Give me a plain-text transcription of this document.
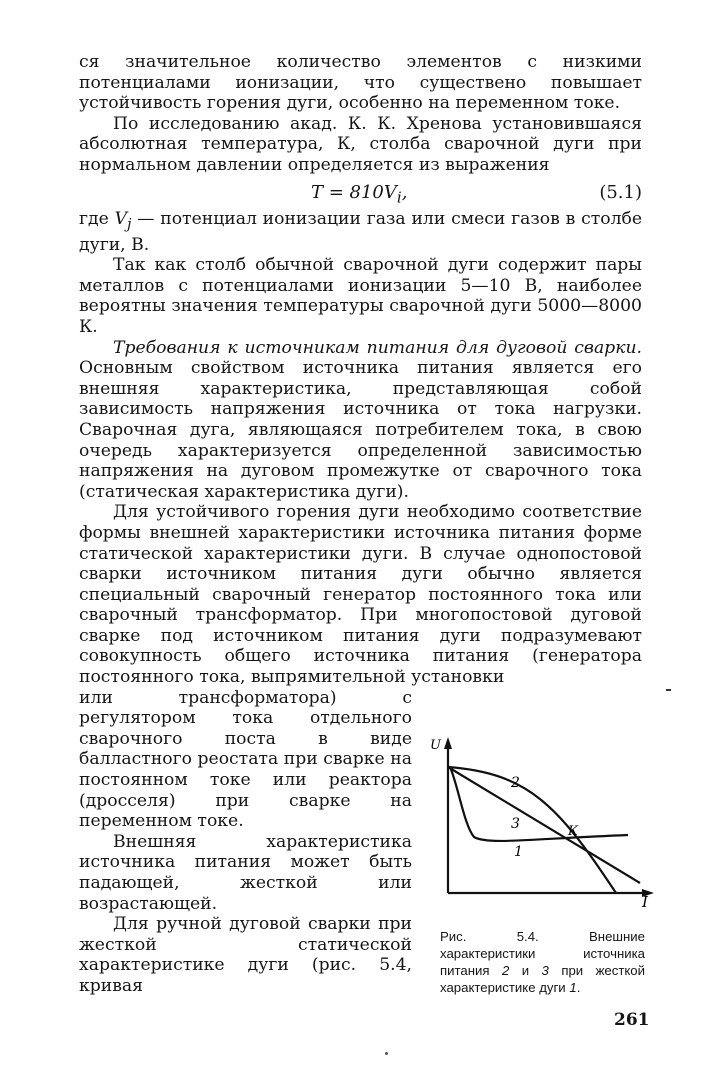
ся значительное количество элементов с низкими потенциалами ионизации, что существено повышает устойчивость горения дуги, особенно на переменном токе.

По исследованию акад. К. К. Хренова установившаяся абсолютная температура, К, столба сварочной дуги при нормальном давлении определяется из выражения

$T = 810V_i$,	(5.1)

где $V_j$ — потенциал ионизации газа или смеси газов в столбе дуги, В.

Так как столб обычной сварочной дуги содержит пары металлов с потенциалами ионизации 5—10 В, наиболее вероятны значения температуры сварочной дуги 5000—8000 К.

Требования к источникам питания для дуговой сварки. Основным свойством источника питания является его внешняя характеристика, представляющая собой зависимость напряжения источника от тока нагрузки. Сварочная дуга, являющаяся потребителем тока, в свою очередь характеризуется определенной зависимостью напряжения на дуговом промежутке от сварочного тока (статическая характеристика дуги).

Для устойчивого горения дуги необходимо соответствие формы внешней характеристики источника питания форме статической характеристики дуги. В случае однопостовой сварки источником питания дуги обычно является специальный сварочный генератор постоянного тока или сварочный трансформатор. При многопостовой дуговой сварке под источником питания дуги подразумевают совокупность общего источника питания (генератора постоянного тока, выпрямительной установки

или трансформатора) с регулятором тока отдельного сварочного поста в виде балластного реостата при сварке на постоянном токе или реактора (дросселя) при сварке на переменном токе.

Внешняя характеристика источника питания может быть падающей, жесткой или возрастающей.

Для ручной дуговой сварки при жесткой статической характеристике дуги (рис. 5.4, кривая

U
I
2
3
1
К
Рис. 5.4. Внешние характеристики источника питания 2 и 3 при жесткой характеристике дуги 1.
261
